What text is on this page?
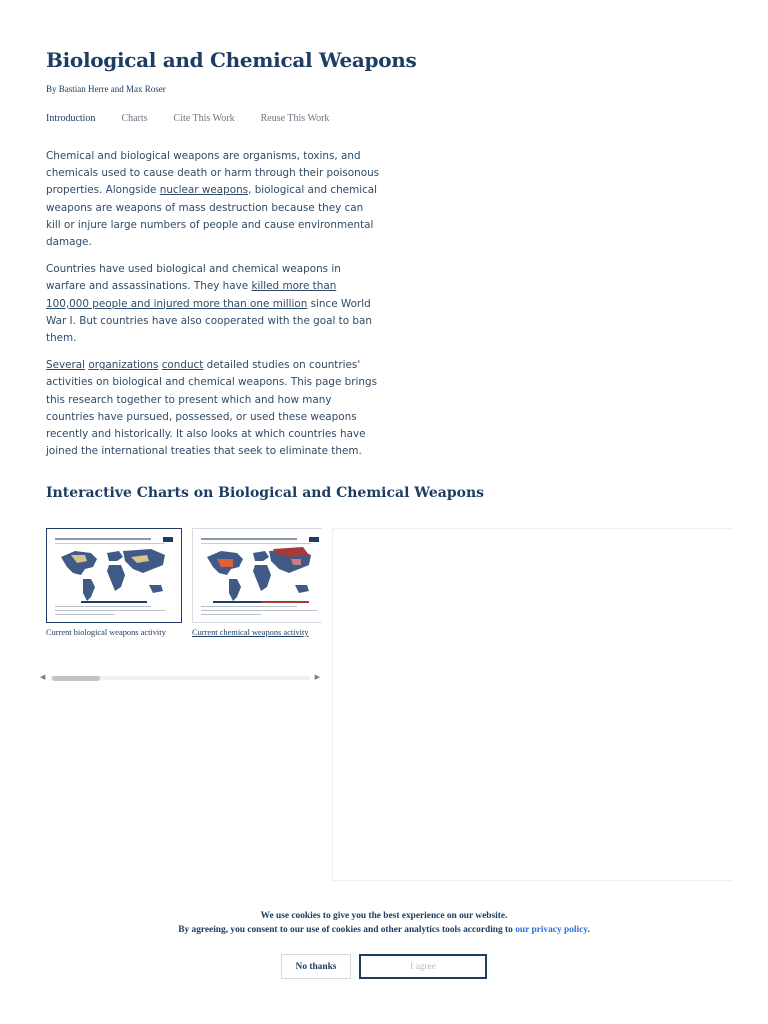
Biological and Chemical Weapons
By Bastian Herre and Max Roser
Introduction	Charts	Cite This Work	Reuse This Work

Chemical and biological weapons are organisms, toxins, and chemicals used to cause death or harm through their poisonous properties. Alongside nuclear weapons, biological and chemical weapons are weapons of mass destruction because they can kill or injure large numbers of people and cause environmental damage.

Countries have used biological and chemical weapons in warfare and assassinations. They have killed more than 100,000 people and injured more than one million since World War I. But countries have also cooperated with the goal to ban them.

Several organizations conduct detailed studies on countries' activities on biological and chemical weapons. This page brings this research together to present which and how many countries have pursued, possessed, or used these weapons recently and historically. It also looks at which countries have joined the international treaties that seek to eliminate them.

Interactive Charts on Biological and Chemical Weapons
Current biological weapons activity	Current chemical weapons activity
◀	▶
We use cookies to give you the best experience on our website.
By agreeing, you consent to our use of cookies and other analytics tools according to our privacy policy.
No thanks	I agree
